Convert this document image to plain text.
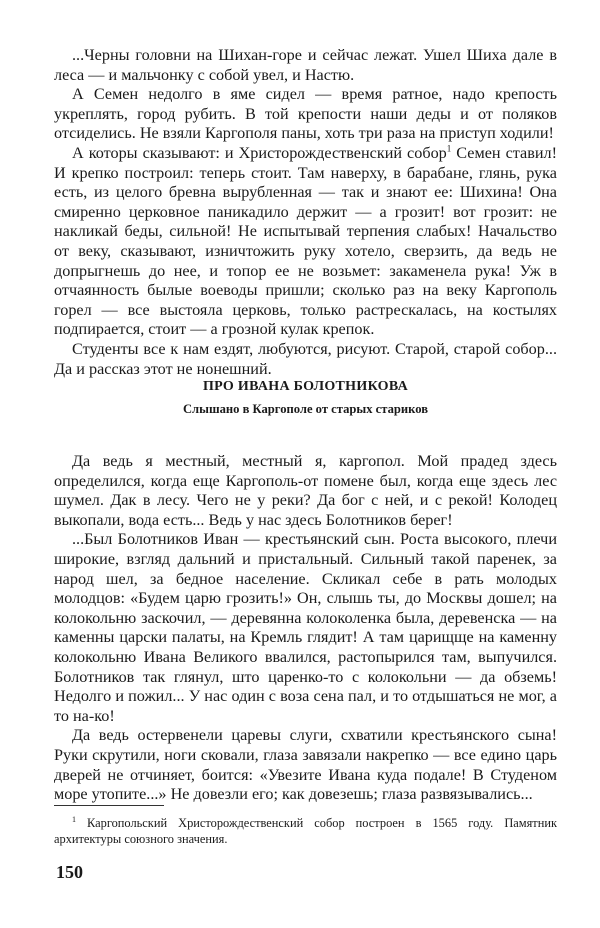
...Черны головни на Шихан-горе и сейчас лежат. Ушел Шиха дале в леса — и мальчонку с собой увел, и Настю.

А Семен недолго в яме сидел — время ратное, надо крепость укреплять, город рубить. В той крепости наши деды и от поляков отсиделись. Не взяли Каргополя паны, хоть три раза на приступ ходили!

А которы сказывают: и Христорождественский собор$^1$ Семен ставил! И крепко построил: теперь стоит. Там наверху, в барабане, глянь, рука есть, из целого бревна вырубленная — так и знают ее: Шихина! Она смиренно церковное паникадило держит — а грозит! вот грозит: не накликай беды, сильной! Не испытывай терпения слабых! Начальство от веку, сказывают, изничтожить руку хотело, сверзить, да ведь не допрыгнешь до нее, и топор ее не возьмет: закаменела рука! Уж в отчаянность былые воеводы пришли; сколько раз на веку Каргополь горел — все выстояла церковь, только растрескалась, на костылях подпирается, стоит — а грозной кулак крепок.

Студенты все к нам ездят, любуются, рисуют. Старой, старой собор... Да и рассказ этот не нонешний.

ПРО ИВАНА БОЛОТНИКОВА
Слышано в Каргополе от старых стариков

Да ведь я местный, местный я, каргопол. Мой прадед здесь определился, когда еще Каргополь-от помене был, когда еще здесь лес шумел. Дак в лесу. Чего не у реки? Да бог с ней, и с рекой! Колодец выкопали, вода есть... Ведь у нас здесь Болотников берег!

...Был Болотников Иван — крестьянский сын. Роста высокого, плечи широкие, взгляд дальний и пристальный. Сильный такой паренек, за народ шел, за бедное население. Скликал себе в рать молодых молодцов: «Будем царю грозить!» Он, слышь ты, до Москвы дошел; на колокольню заскочил, — деревянна колоколенка была, деревенска — на каменны царски палаты, на Кремль глядит! А там царищще на каменну колокольню Ивана Великого ввалился, растопырился там, выпучился. Болотников так глянул, што царенко-то с колокольни — да обземь! Недолго и пожил... У нас один с воза сена пал, и то отдышаться не мог, а то на-ко!

Да ведь остервенели царевы слуги, схватили крестьянского сына! Руки скрутили, ноги сковали, глаза завязали накрепко — все едино царь дверей не отчиняет, боится: «Увезите Ивана куда подале! В Студеном море утопите...» Не довезли его; как довезешь; глаза развязывались...

$^1$ Каргопольский Христорождественский собор построен в 1565 году. Памятник архитектуры союзного значения.

150
